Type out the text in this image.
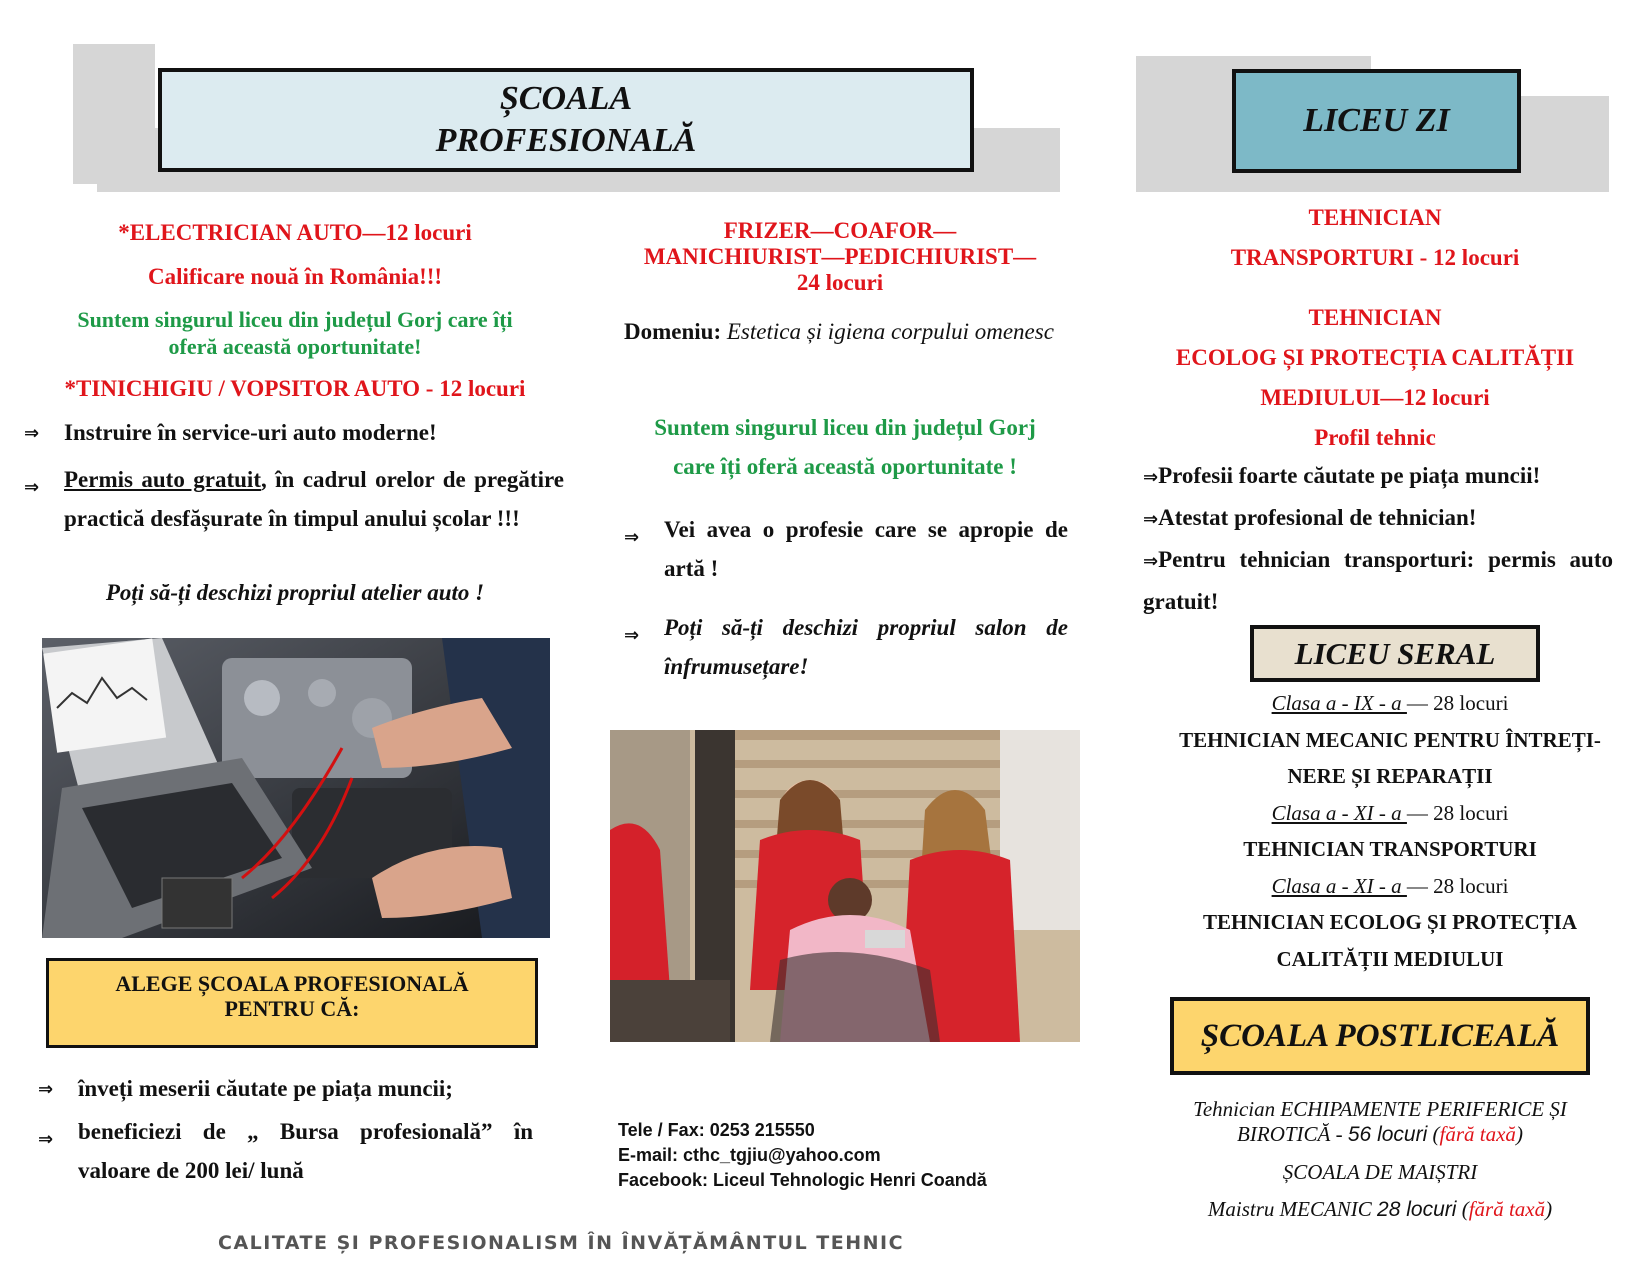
ȘCOALA
PROFESIONALĂ
*ELECTRICIAN AUTO—12 locuri
Calificare nouă în România!!!
Suntem singurul liceu din județul Gorj care îți
oferă această oportunitate!
*TINICHIGIU / VOPSITOR AUTO - 12 locuri
⇒	Instruire în service-uri auto moderne!
⇒	Permis auto gratuit, în cadrul orelor de pregătire practică desfășurate în timpul anului școlar !!!
Poți să-ți deschizi propriul atelier auto !
ALEGE ȘCOALA PROFESIONALĂ
PENTRU CĂ:
⇒	înveți meserii căutate pe piața muncii;
⇒	beneficiezi de „ Bursa profesională” în valoare de 200 lei/ lună
CALITATE ȘI PROFESIONALISM ÎN ÎNVĂȚĂMÂNTUL TEHNIC
FRIZER—COAFOR—
MANICHIURIST—PEDICHIURIST—
24 locuri
Domeniu: Estetica și igiena corpului omenesc
Suntem singurul liceu din județul Gorj
care îți oferă această oportunitate !
⇒	Vei avea o profesie care se apropie de artă !
⇒	Poți să-ți deschizi propriul salon de înfrumusețare!
Tele / Fax: 0253 215550
E-mail: cthc_tgjiu@yahoo.com
Facebook: Liceul Tehnologic Henri Coandă
LICEU ZI
TEHNICIAN
TRANSPORTURI - 12 locuri
TEHNICIAN
ECOLOG ȘI PROTECȚIA CALITĂȚII
MEDIULUI—12 locuri
Profil tehnic
⇒Profesii foarte căutate pe piața muncii!
⇒Atestat profesional de tehnician!
⇒Pentru tehnician transporturi: permis auto gratuit!
LICEU SERAL
Clasa a - IX - a — 28 locuri
TEHNICIAN MECANIC PENTRU ÎNTREȚI-
NERE ȘI REPARAȚII
Clasa a - XI - a — 28 locuri
TEHNICIAN TRANSPORTURI
Clasa a - XI - a — 28 locuri
TEHNICIAN ECOLOG ȘI PROTECȚIA
CALITĂȚII MEDIULUI
ȘCOALA POSTLICEALĂ
Tehnician ECHIPAMENTE PERIFERICE ȘI
BIROTICĂ - 56 locuri (fără taxă)
ȘCOALA DE MAIȘTRI
Maistru MECANIC 28 locuri (fără taxă)
